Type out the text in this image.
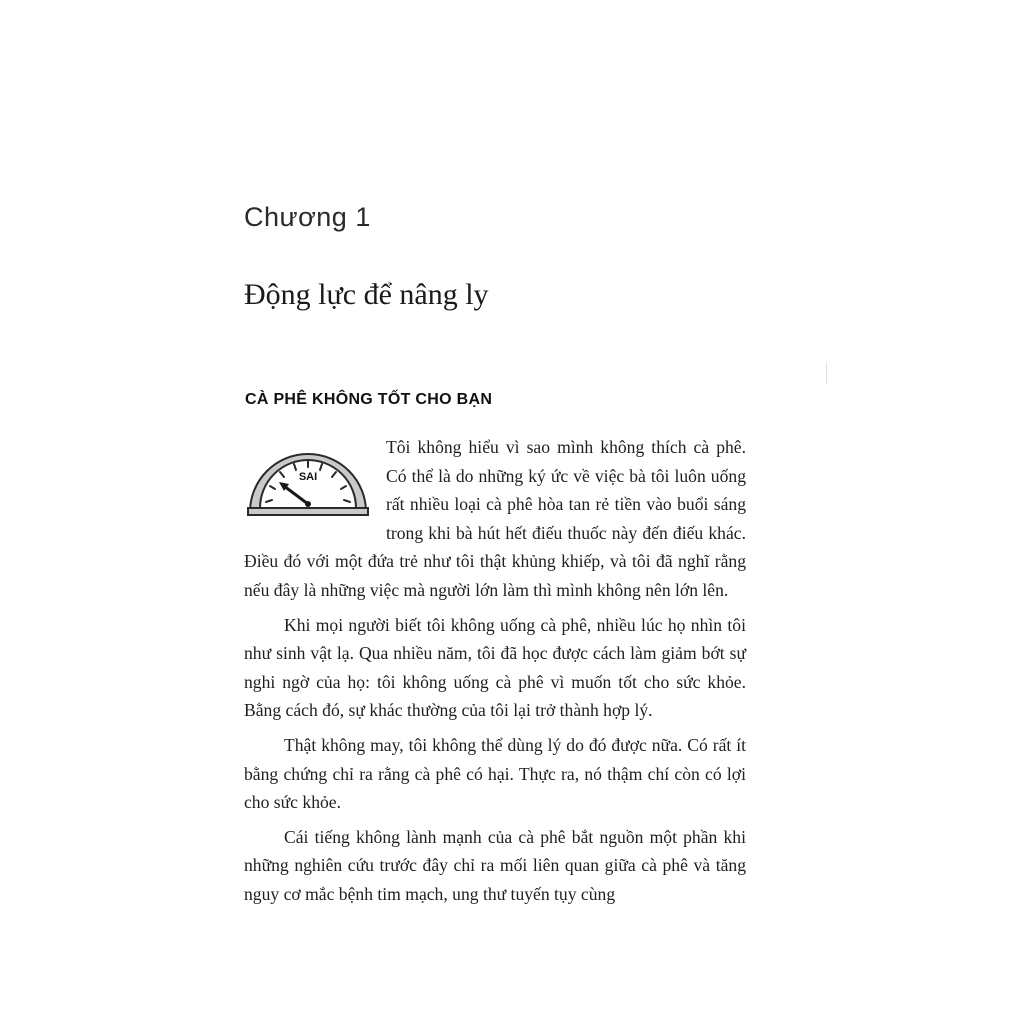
Chương 1
Động lực để nâng ly
CÀ PHÊ KHÔNG TỐT CHO BẠN
SAI

Tôi không hiểu vì sao mình không thích cà phê. Có thể là do những ký ức về việc bà tôi luôn uống rất nhiều loại cà phê hòa tan rẻ tiền vào buổi sáng trong khi bà hút hết điếu thuốc này đến điếu khác. Điều đó với một đứa trẻ như tôi thật khủng khiếp, và tôi đã nghĩ rằng nếu đây là những việc mà người lớn làm thì mình không nên lớn lên.

Khi mọi người biết tôi không uống cà phê, nhiều lúc họ nhìn tôi như sinh vật lạ. Qua nhiều năm, tôi đã học được cách làm giảm bớt sự nghi ngờ của họ: tôi không uống cà phê vì muốn tốt cho sức khỏe. Bằng cách đó, sự khác thường của tôi lại trở thành hợp lý.

Thật không may, tôi không thể dùng lý do đó được nữa. Có rất ít bằng chứng chỉ ra rằng cà phê có hại. Thực ra, nó thậm chí còn có lợi cho sức khỏe.

Cái tiếng không lành mạnh của cà phê bắt nguồn một phần khi những nghiên cứu trước đây chỉ ra mối liên quan giữa cà phê và tăng nguy cơ mắc bệnh tim mạch, ung thư tuyến tụy cùng
